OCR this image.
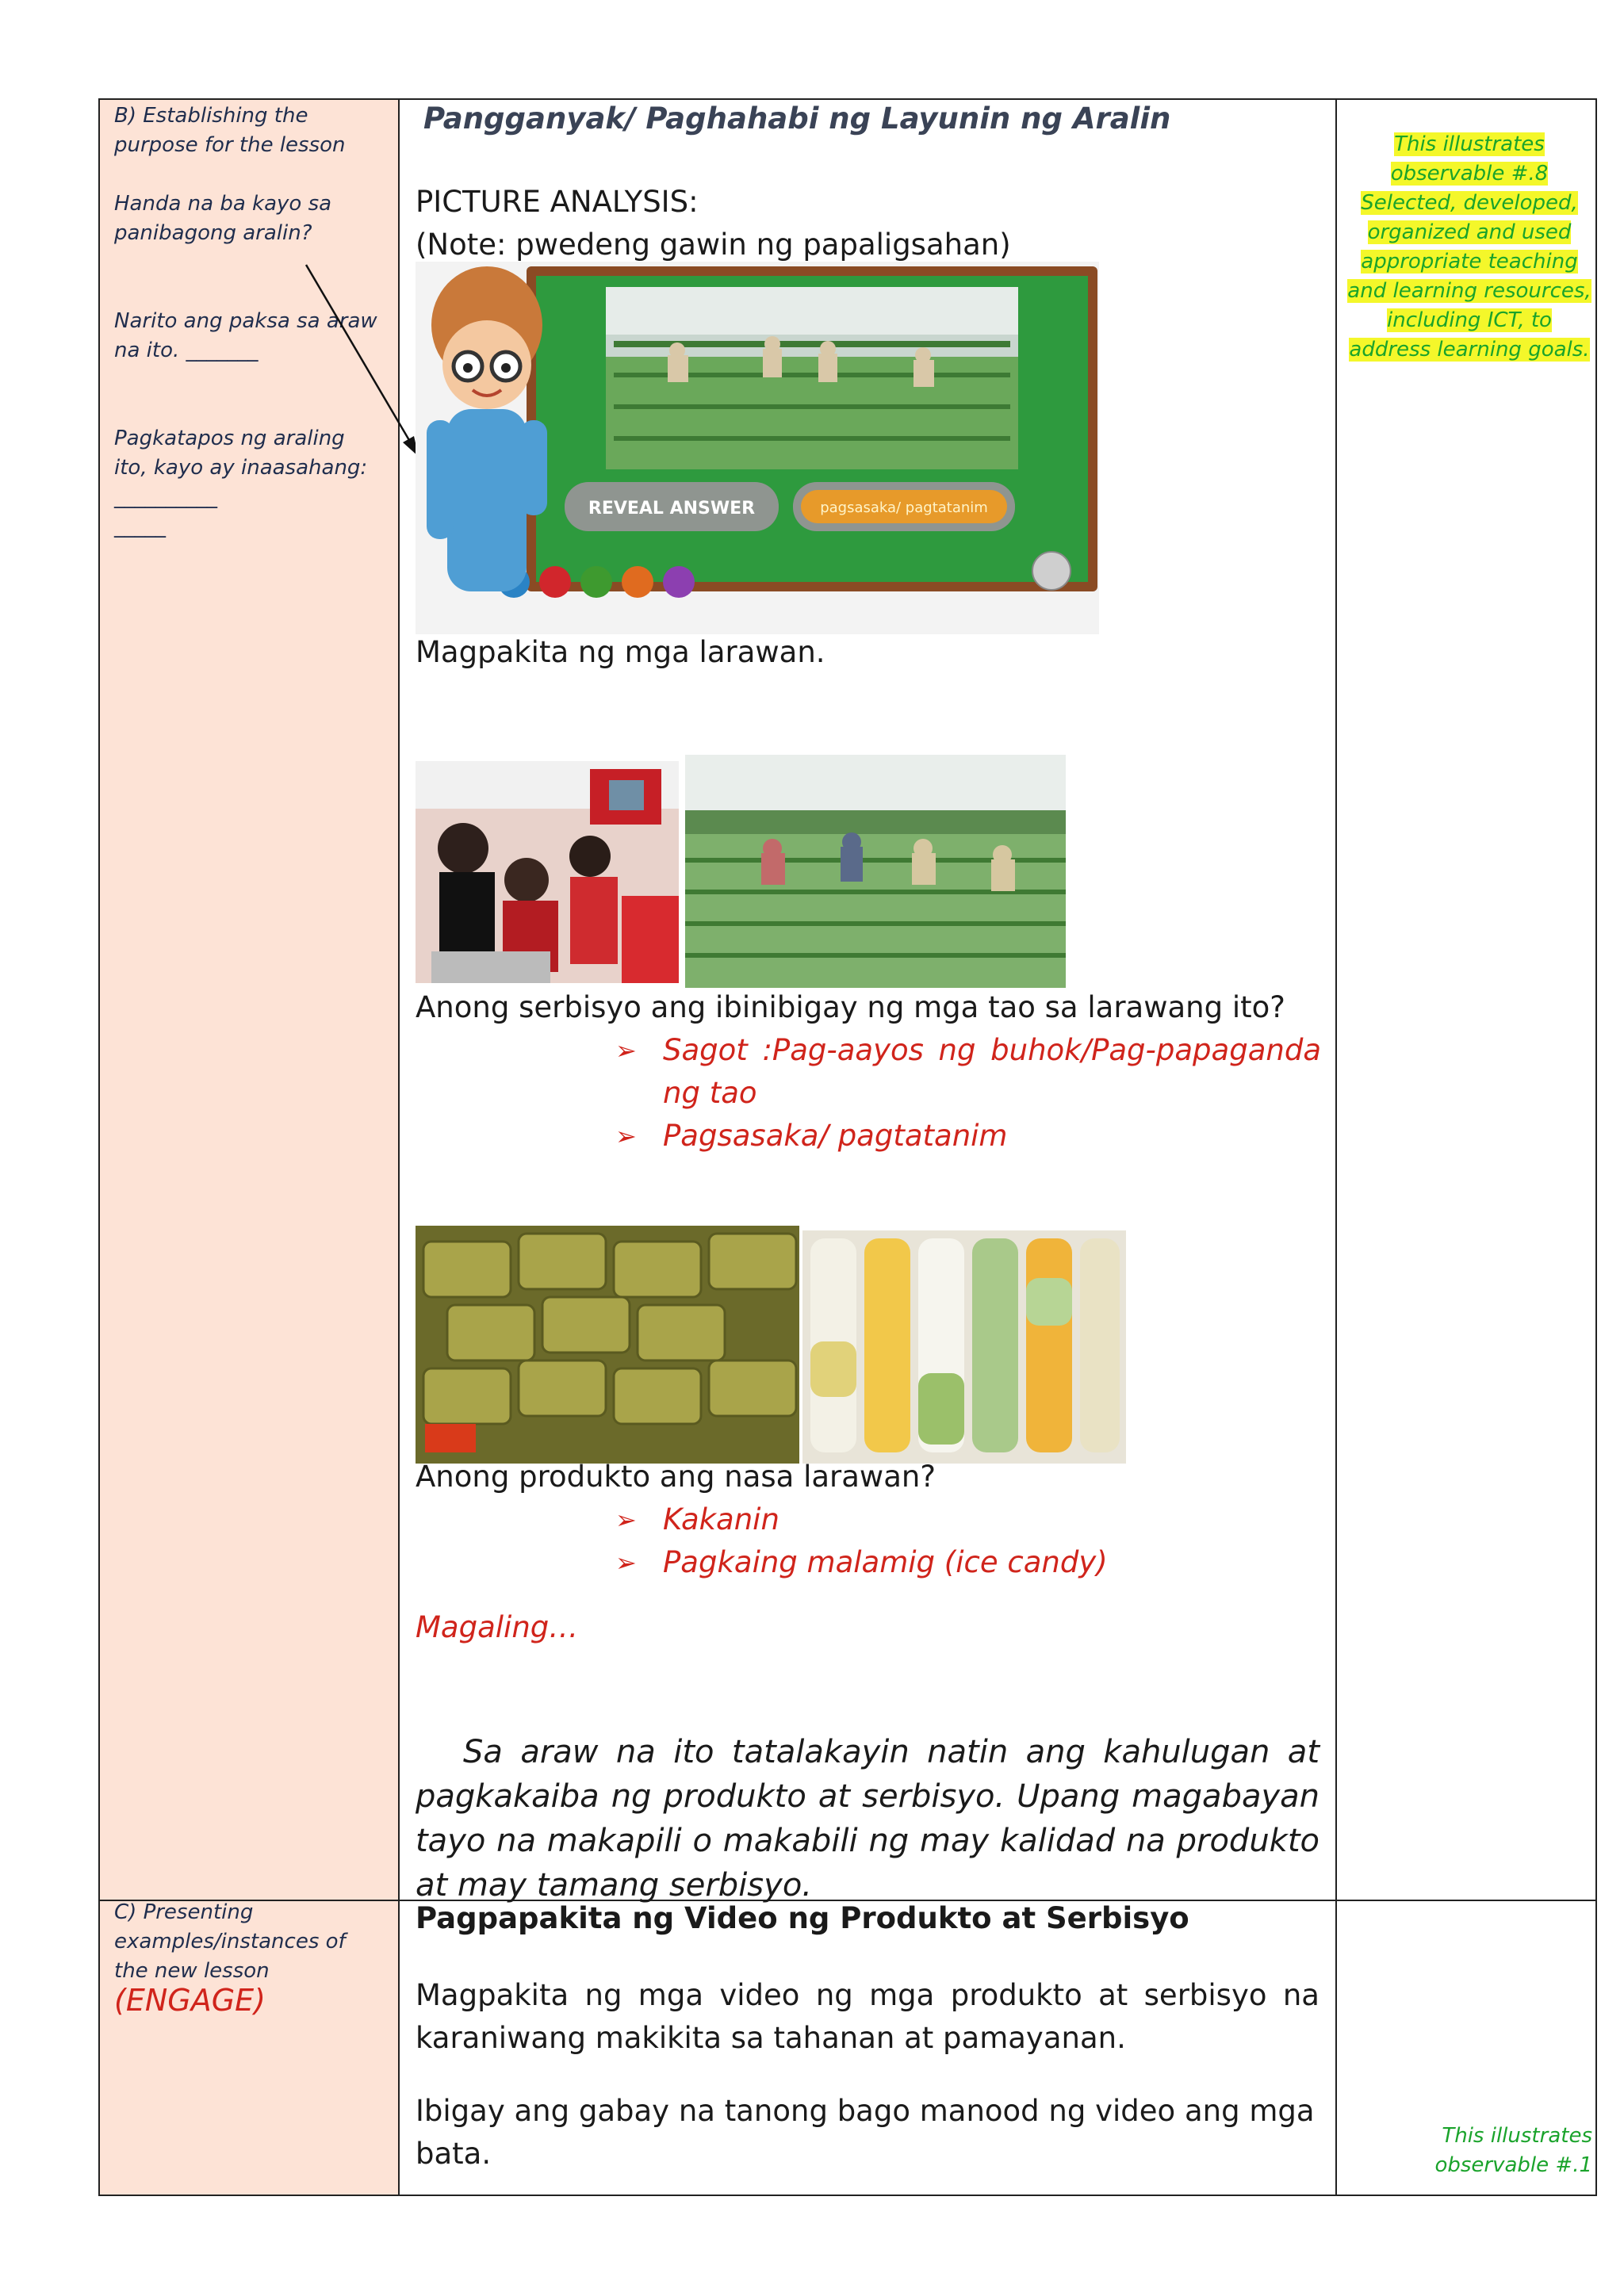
B) Establishing the purpose for the lesson

Handa na ba kayo sa panibagong aralin?

Narito ang paksa sa araw na ito. _______

Pagkatapos ng araling ito, kayo ay inaasahang:

__________

_____

C) Presenting examples/instances of the new lesson

(ENGAGE)

Pangganyak/ Paghahabi ng Layunin ng Aralin
PICTURE ANALYSIS:
(Note: pwedeng gawin ng papaligsahan)
REVEAL ANSWER	pagsasaka/ pagtatanim
Magpakita ng mga larawan.
Anong serbisyo ang ibinibigay ng mga tao sa larawang ito?
➢ Sagot :Pag-aayos ng buhok/Pag-papaganda ng tao
➢ Pagsasaka/ pagtatanim
Anong produkto ang nasa larawan?
➢ Kakanin
➢ Pagkaing malamig (ice candy)
Magaling…
Sa araw na ito tatalakayin natin ang kahulugan at pagkakaiba ng produkto at serbisyo. Upang magabayan tayo na makapili o makabili ng may kalidad na produkto at may tamang serbisyo.
Pagpapakita ng Video ng Produkto at Serbisyo
Magpakita ng mga video ng mga produkto at serbisyo na karaniwang makikita sa tahanan at pamayanan.
Ibigay ang gabay na tanong bago manood ng video ang mga bata.
This illustrates observable #.8 Selected, developed, organized and used appropriate teaching and learning resources, including ICT, to address learning goals.
This illustrates observable #.1
